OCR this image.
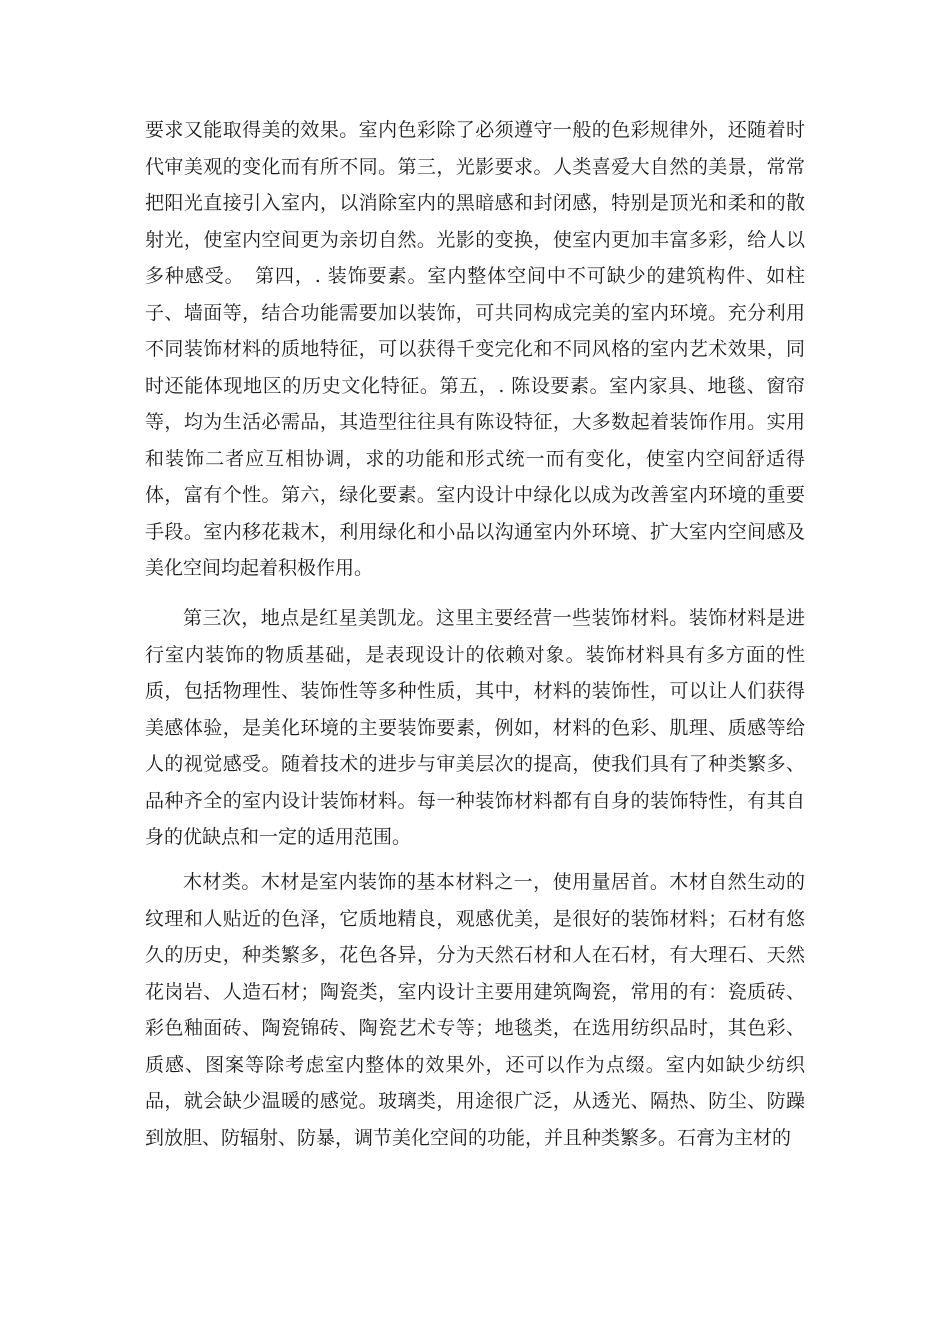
要求又能取得美的效果。室内色彩除了必须遵守一般的色彩规律外，还随着时代审美观的变化而有所不同。第三，光影要求。人类喜爱大自然的美景，常常把阳光直接引入室内，以消除室内的黑暗感和封闭感，特别是顶光和柔和的散射光，使室内空间更为亲切自然。光影的变换，使室内更加丰富多彩，给人以多种感受。　第四，. 装饰要素。室内整体空间中不可缺少的建筑构件、如柱子、墙面等，结合功能需要加以装饰，可共同构成完美的室内环境。充分利用不同装饰材料的质地特征，可以获得千变完化和不同风格的室内艺术效果，同时还能体现地区的历史文化特征。第五，. 陈设要素。室内家具、地毯、窗帘等，均为生活必需品，其造型往往具有陈设特征，大多数起着装饰作用。实用和装饰二者应互相协调，求的功能和形式统一而有变化，使室内空间舒适得体，富有个性。第六，绿化要素。室内设计中绿化以成为改善室内环境的重要手段。室内移花栽木，利用绿化和小品以沟通室内外环境、扩大室内空间感及美化空间均起着积极作用。

第三次，地点是红星美凯龙。这里主要经营一些装饰材料。装饰材料是进行室内装饰的物质基础，是表现设计的依赖对象。装饰材料具有多方面的性质，包括物理性、装饰性等多种性质，其中，材料的装饰性，可以让人们获得美感体验，是美化环境的主要装饰要素，例如，材料的色彩、肌理、质感等给人的视觉感受。随着技术的进步与审美层次的提高，使我们具有了种类繁多、品种齐全的室内设计装饰材料。每一种装饰材料都有自身的装饰特性，有其自身的优缺点和一定的适用范围。

木材类。木材是室内装饰的基本材料之一，使用量居首。木材自然生动的纹理和人贴近的色泽，它质地精良，观感优美，是很好的装饰材料；石材有悠久的历史，种类繁多，花色各异，分为天然石材和人在石材，有大理石、天然花岗岩、人造石材；陶瓷类，室内设计主要用建筑陶瓷，常用的有：瓷质砖、彩色釉面砖、陶瓷锦砖、陶瓷艺术专等；地毯类，在选用纺织品时，其色彩、质感、图案等除考虑室内整体的效果外，还可以作为点缀。室内如缺少纺织品，就会缺少温暖的感觉。玻璃类，用途很广泛，从透光、隔热、防尘、防躁到放胆、防辐射、防暴，调节美化空间的功能，并且种类繁多。石膏为主材的
